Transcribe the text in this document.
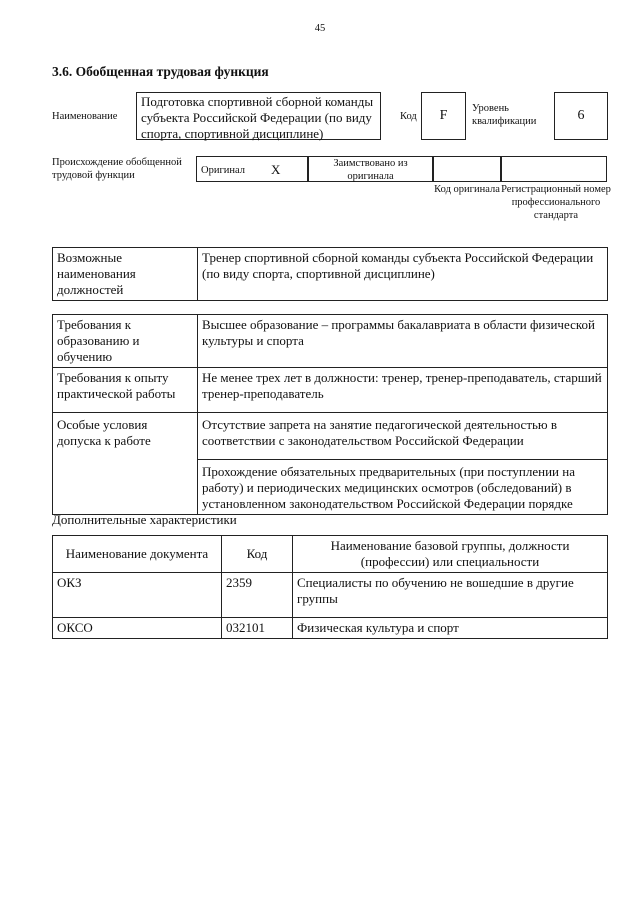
45
3.6. Обобщенная трудовая функция
Наименование
Подготовка спортивной сборной команды субъекта Российской Федерации (по виду спорта, спортивной дисциплине)
Код	F	Уровень квалификации	6
Происхождение обобщенной трудовой функции	Оригинал X	Заимствовано из оригинала
Код оригинала Регистрационный номер профессионального стандарта
Возможные наименования должностей	Тренер спортивной сборной команды субъекта Российской Федерации (по виду спорта, спортивной дисциплине)
Требования к образованию и обучению	Высшее образование – программы бакалавриата в области физической культуры и спорта
Требования к опыту практической работы	Не менее трех лет в должности: тренер, тренер-преподаватель, старший тренер-преподаватель
Особые условия допуска к работе	Отсутствие запрета на занятие педагогической деятельностью в соответствии с законодательством Российской Федерации
	Прохождение обязательных предварительных (при поступлении на работу) и периодических медицинских осмотров (обследований) в установленном законодательством Российской Федерации порядке
Дополнительные характеристики
Наименование документа	Код	Наименование базовой группы, должности (профессии) или специальности
ОКЗ	2359	Специалисты по обучению не вошедшие в другие группы
ОКСО	032101	Физическая культура и спорт
